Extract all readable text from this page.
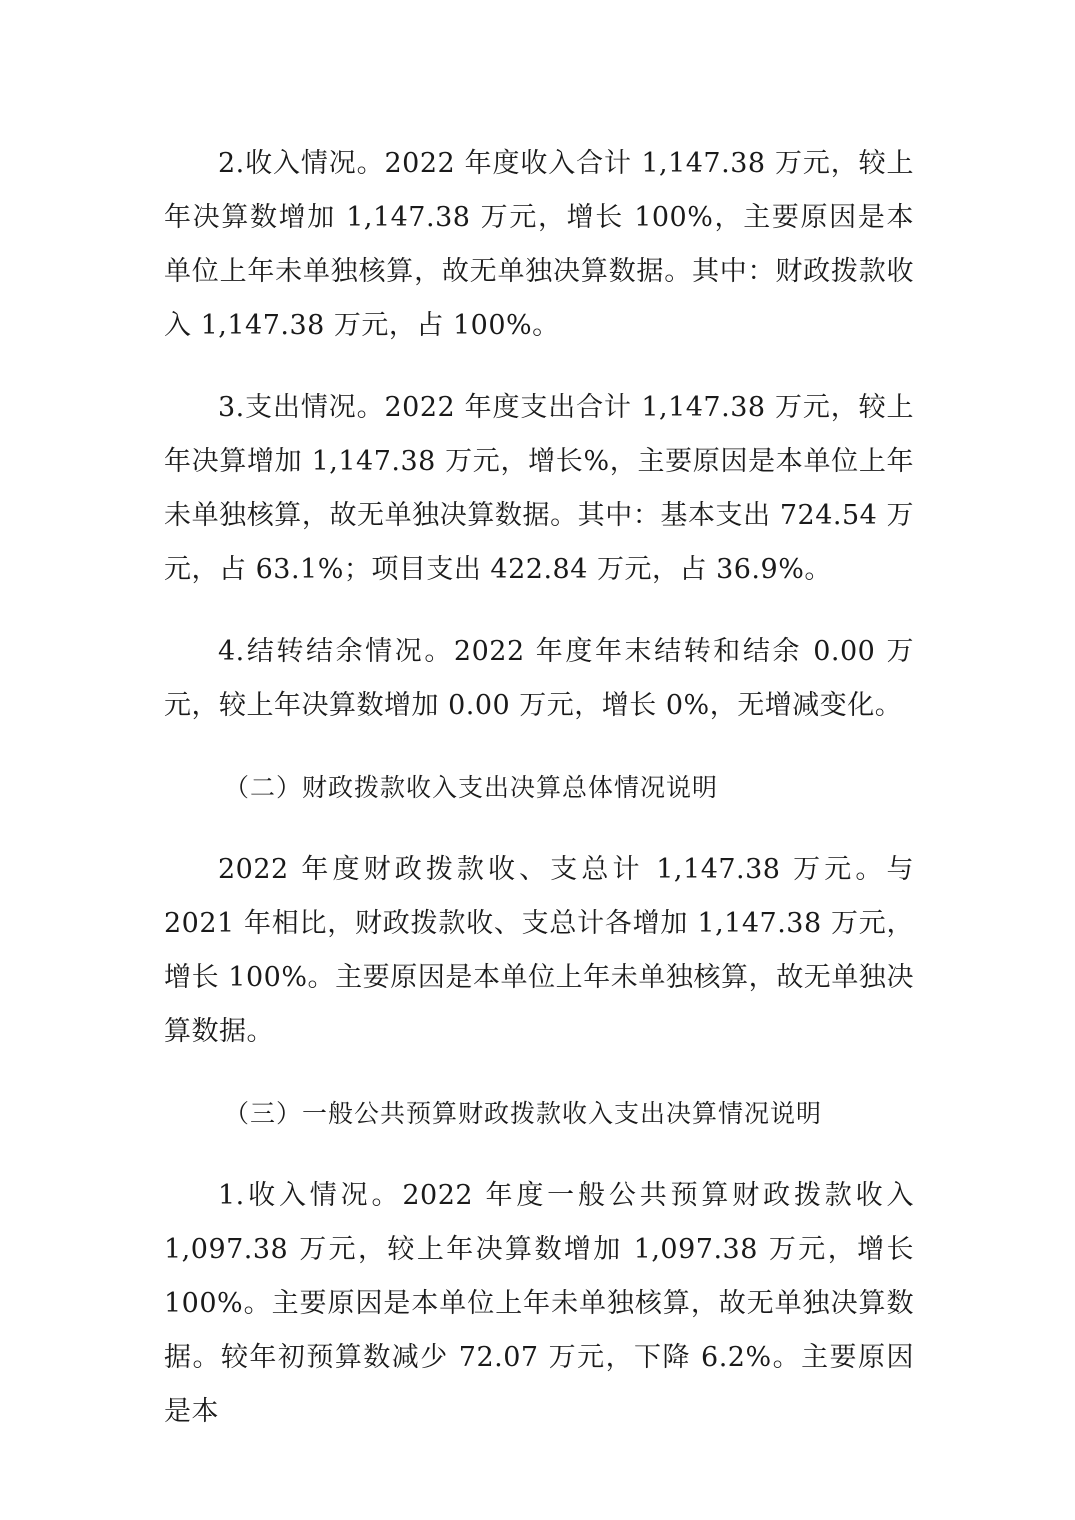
2.收入情况。2022 年度收入合计 1,147.38 万元，较上年决算数增加 1,147.38 万元，增长 100%，主要原因是本单位上年未单独核算，故无单独决算数据。其中：财政拨款收入 1,147.38 万元，占 100%。

3.支出情况。2022 年度支出合计 1,147.38 万元，较上年决算增加 1,147.38 万元，增长%，主要原因是本单位上年未单独核算，故无单独决算数据。其中：基本支出 724.54 万元，占 63.1%；项目支出 422.84 万元，占 36.9%。

4.结转结余情况。2022 年度年末结转和结余 0.00 万元，较上年决算数增加 0.00 万元，增长 0%，无增减变化。

（二）财政拨款收入支出决算总体情况说明

2022 年度财政拨款收、支总计 1,147.38 万元。与 2021 年相比，财政拨款收、支总计各增加 1,147.38 万元，增长 100%。主要原因是本单位上年未单独核算，故无单独决算数据。

（三）一般公共预算财政拨款收入支出决算情况说明

1.收入情况。2022 年度一般公共预算财政拨款收入 1,097.38 万元，较上年决算数增加 1,097.38 万元，增长 100%。主要原因是本单位上年未单独核算，故无单独决算数据。较年初预算数减少 72.07 万元，下降 6.2%。主要原因是本
